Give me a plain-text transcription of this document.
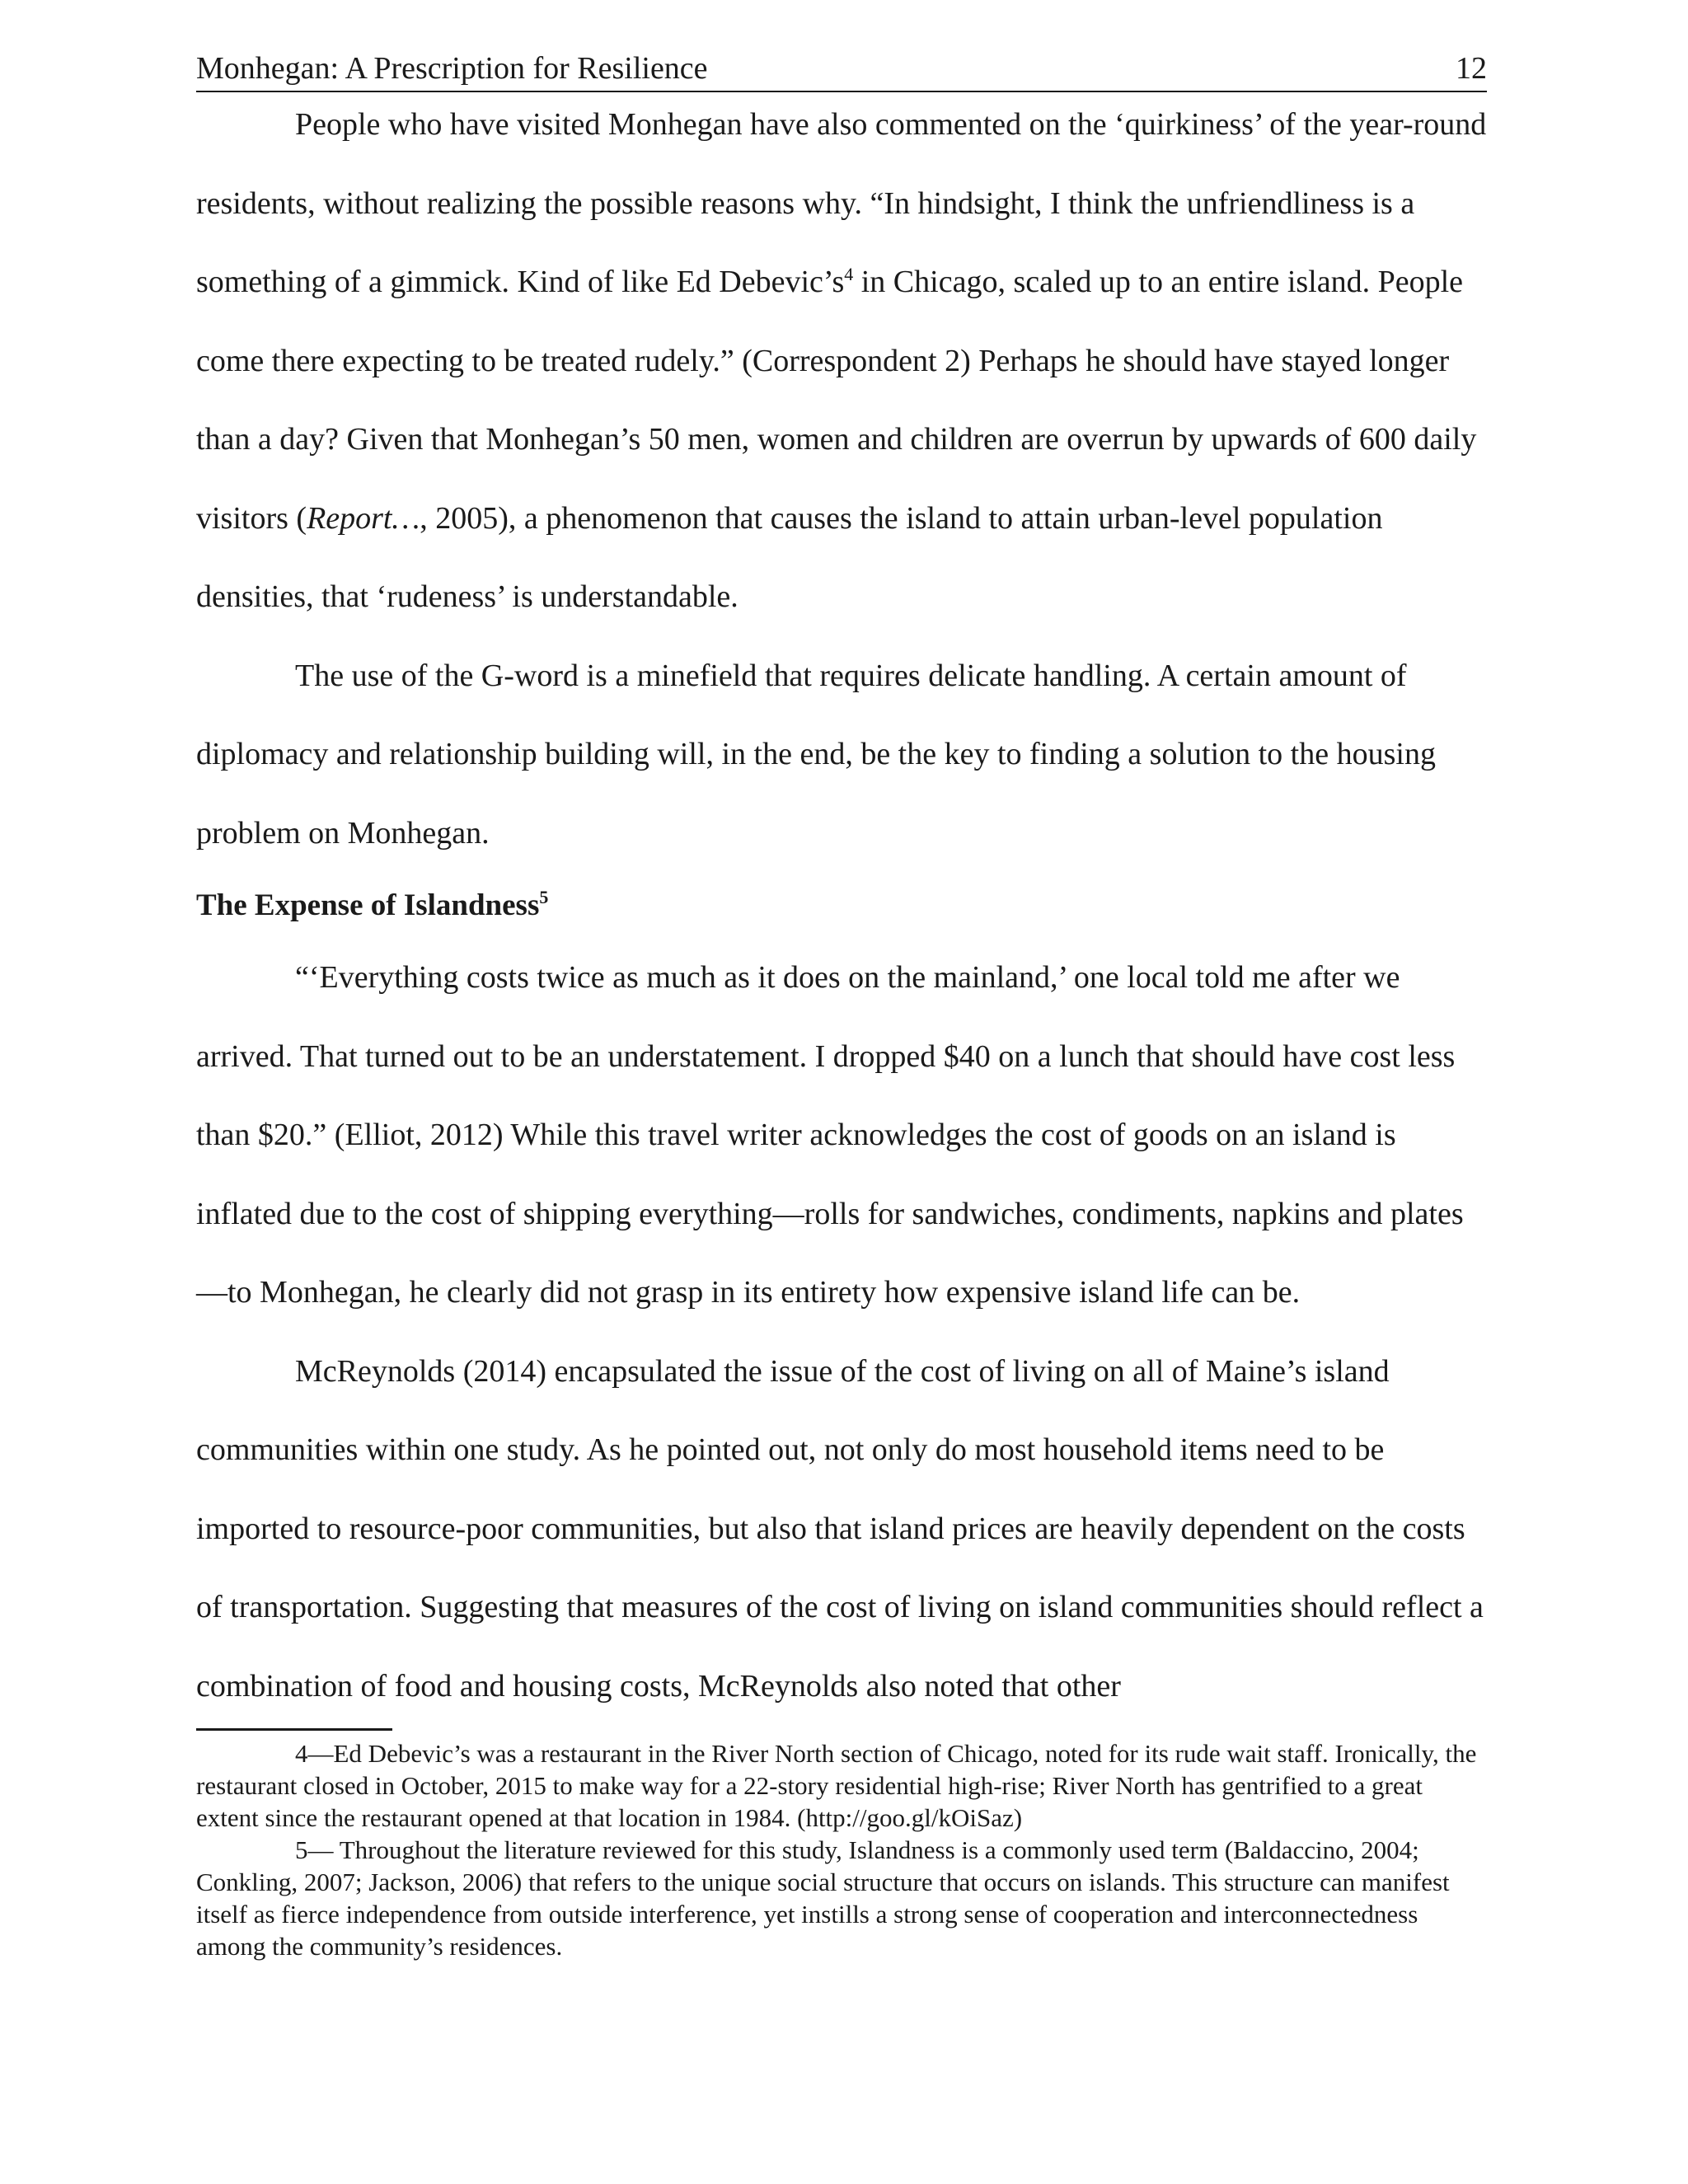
Monhegan: A Prescription for Resilience	12

People who have visited Monhegan have also commented on the ‘quirkiness’ of the year-round residents, without realizing the possible reasons why. “In hindsight, I think the unfriendliness is a something of a gimmick. Kind of like Ed Debevic’s$^4$ in Chicago, scaled up to an entire island. People come there expecting to be treated rudely.” (Correspondent 2) Perhaps he should have stayed longer than a day? Given that Monhegan’s 50 men, women and children are overrun by upwards of 600 daily visitors (Report…, 2005), a phenomenon that causes the island to attain urban-level population densities, that ‘rudeness’ is understandable.

The use of the G-word is a minefield that requires delicate handling. A certain amount of diplomacy and relationship building will, in the end, be the key to finding a solution to the housing problem on Monhegan.

The Expense of Islandness$^5$

“‘Everything costs twice as much as it does on the mainland,’ one local told me after we arrived. That turned out to be an understatement. I dropped $40 on a lunch that should have cost less than $20.” (Elliot, 2012) While this travel writer acknowledges the cost of goods on an island is inflated due to the cost of shipping everything—rolls for sandwiches, condiments, napkins and plates—to Monhegan, he clearly did not grasp in its entirety how expensive island life can be.

McReynolds (2014) encapsulated the issue of the cost of living on all of Maine’s island communities within one study. As he pointed out, not only do most household items need to be imported to resource-poor communities, but also that island prices are heavily dependent on the costs of transportation. Suggesting that measures of the cost of living on island communities should reflect a combination of food and housing costs, McReynolds also noted that other

4—Ed Debevic’s was a restaurant in the River North section of Chicago, noted for its rude wait staff. Ironically, the restaurant closed in October, 2015 to make way for a 22-story residential high-rise; River North has gentrified to a great extent since the restaurant opened at that location in 1984. (http://goo.gl/kOiSaz)

5— Throughout the literature reviewed for this study, Islandness is a commonly used term (Baldaccino, 2004; Conkling, 2007; Jackson, 2006) that refers to the unique social structure that occurs on islands. This structure can manifest itself as fierce independence from outside interference, yet instills a strong sense of cooperation and interconnectedness among the community’s residences.
